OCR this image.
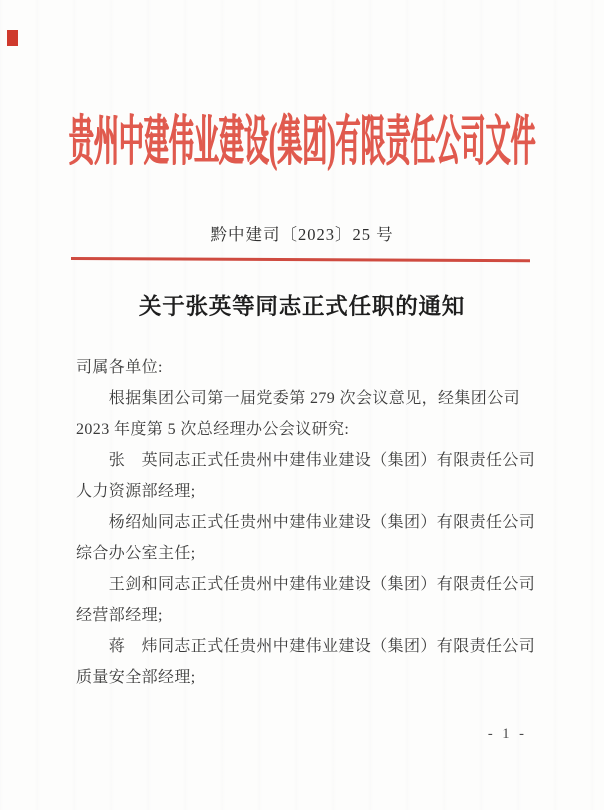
贵州中建伟业建设(集团)有限责任公司文件
黔中建司〔2023〕25 号
关于张英等同志正式任职的通知
司属各单位:
　　根据集团公司第一届党委第 279 次会议意见，经集团公司
2023 年度第 5 次总经理办公会议研究:
　　张　英同志正式任贵州中建伟业建设（集团）有限责任公司
人力资源部经理;
　　杨绍灿同志正式任贵州中建伟业建设（集团）有限责任公司
综合办公室主任;
　　王剑和同志正式任贵州中建伟业建设（集团）有限责任公司
经营部经理;
　　蒋　炜同志正式任贵州中建伟业建设（集团）有限责任公司
质量安全部经理;
- 1 -
